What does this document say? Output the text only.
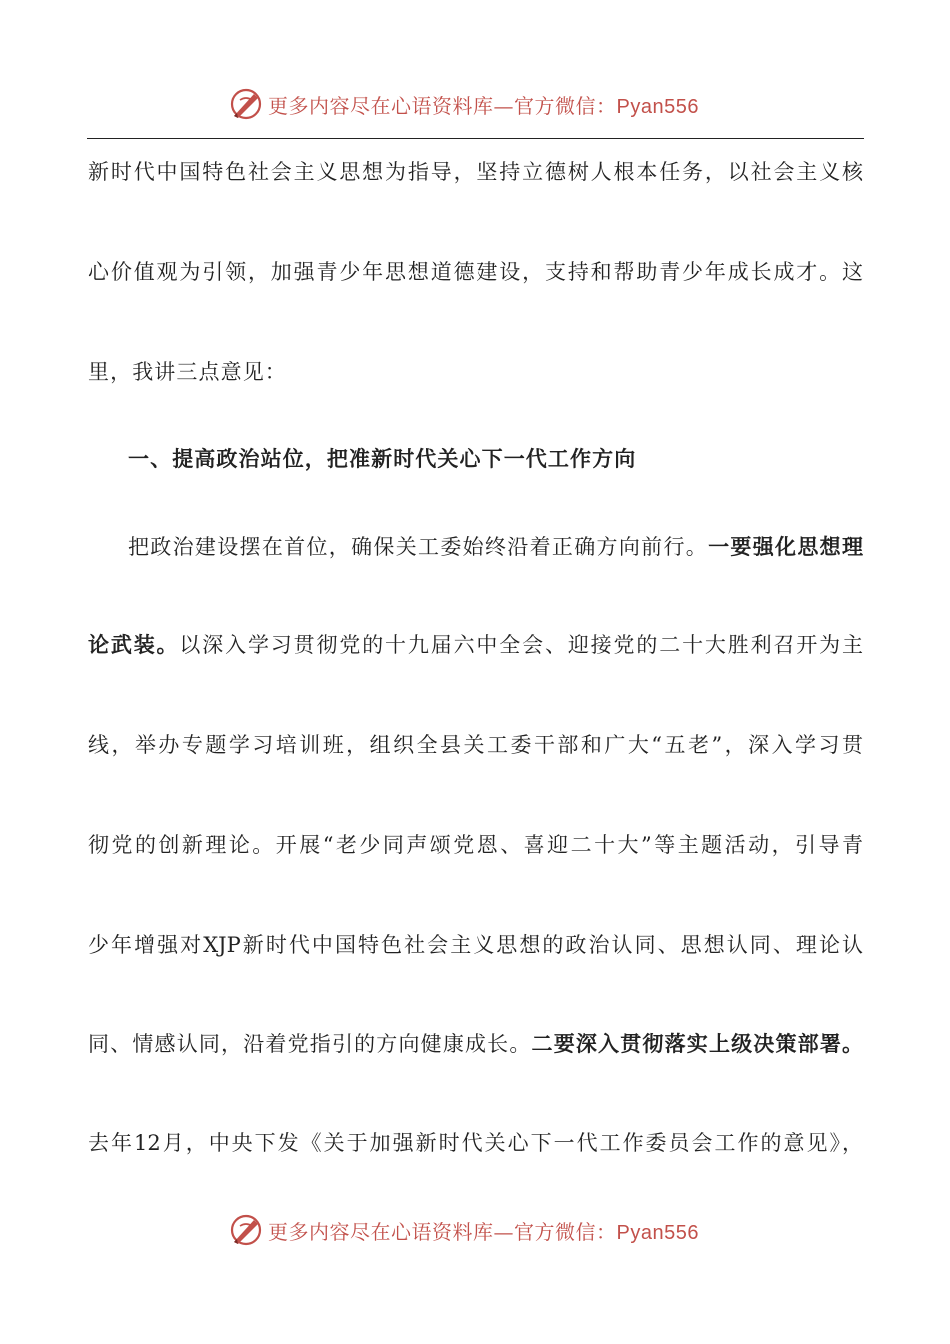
更多内容尽在心语资料库—官方微信：Pyan556
新时代中国特色社会主义思想为指导，坚持立德树人根本任务，以社会主义核
心价值观为引领，加强青少年思想道德建设，支持和帮助青少年成长成才。这
里，我讲三点意见：
一、提高政治站位，把准新时代关心下一代工作方向
把政治建设摆在首位，确保关工委始终沿着正确方向前行。一要强化思想理
论武装。以深入学习贯彻党的十九届六中全会、迎接党的二十大胜利召开为主
线，举办专题学习培训班，组织全县关工委干部和广大“五老”，深入学习贯
彻党的创新理论。开展“老少同声颂党恩、喜迎二十大”等主题活动，引导青
少年增强对XJP新时代中国特色社会主义思想的政治认同、思想认同、理论认
同、情感认同，沿着党指引的方向健康成长。二要深入贯彻落实上级决策部署。
去年12月，中央下发《关于加强新时代关心下一代工作委员会工作的意见》，
更多内容尽在心语资料库—官方微信：Pyan556
